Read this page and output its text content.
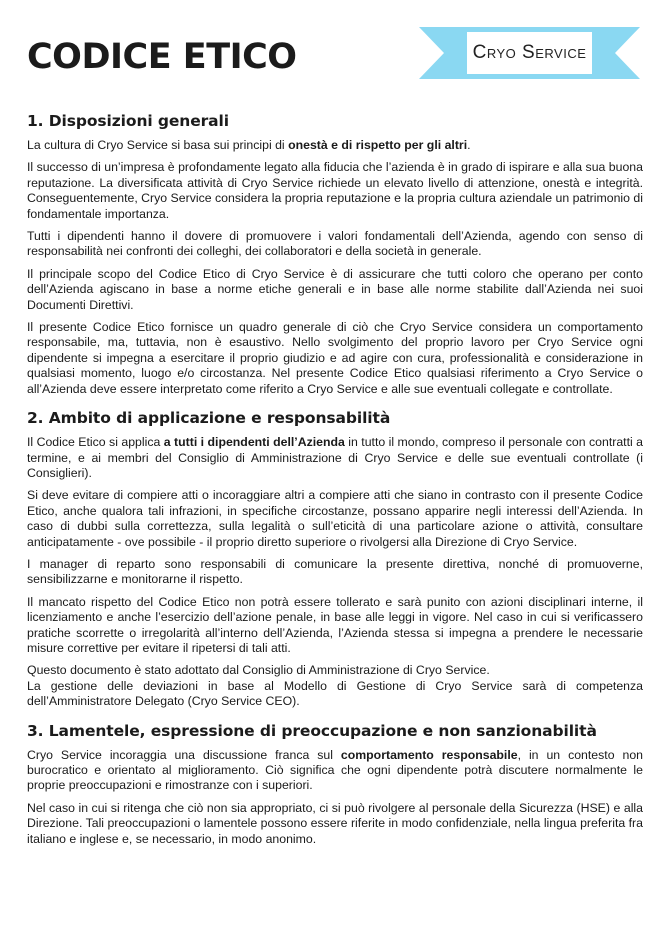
CODICE ETICO	Cryo Service
1. Disposizioni generali

La cultura di Cryo Service si basa sui principi di onestà e di rispetto per gli altri.

Il successo di un’impresa è profondamente legato alla fiducia che l’azienda è in grado di ispirare e alla sua buona reputazione. La diversificata attività di Cryo Service richiede un elevato livello di attenzione, onestà e integrità. Conseguentemente, Cryo Service considera la propria reputazione e la propria cultura aziendale un patrimonio di fondamentale importanza.

Tutti i dipendenti hanno il dovere di promuovere i valori fondamentali dell’Azienda, agendo con senso di responsabilità nei confronti dei colleghi, dei collaboratori e della società in generale.

Il principale scopo del Codice Etico di Cryo Service è di assicurare che tutti coloro che operano per conto dell’Azienda agiscano in base a norme etiche generali e in base alle norme stabilite dall’Azienda nei suoi Documenti Direttivi.

Il presente Codice Etico fornisce un quadro generale di ciò che Cryo Service considera un comportamento responsabile, ma, tuttavia, non è esaustivo. Nello svolgimento del proprio lavoro per Cryo Service ogni dipendente si impegna a esercitare il proprio giudizio e ad agire con cura, professionalità e considerazione in qualsiasi momento, luogo e/o circostanza. Nel presente Codice Etico qualsiasi riferimento a Cryo Service o all’Azienda deve essere interpretato come riferito a Cryo Service e alle sue eventuali collegate e controllate.

2. Ambito di applicazione e responsabilità

Il Codice Etico si applica a tutti i dipendenti dell’Azienda in tutto il mondo, compreso il personale con contratti a termine, e ai membri del Consiglio di Amministrazione di Cryo Service e delle sue eventuali controllate (i Consiglieri).

Si deve evitare di compiere atti o incoraggiare altri a compiere atti che siano in contrasto con il presente Codice Etico, anche qualora tali infrazioni, in specifiche circostanze, possano apparire negli interessi dell’Azienda. In caso di dubbi sulla correttezza, sulla legalità o sull’eticità di una particolare azione o attività, consultare anticipatamente - ove possibile - il proprio diretto superiore o rivolgersi alla Direzione di Cryo Service.

I manager di reparto sono responsabili di comunicare la presente direttiva, nonché di promuoverne, sensibilizzarne e monitorarne il rispetto.

Il mancato rispetto del Codice Etico non potrà essere tollerato e sarà punito con azioni disciplinari interne, il licenziamento e anche l’esercizio dell’azione penale, in base alle leggi in vigore. Nel caso in cui si verificassero pratiche scorrette o irregolarità all’interno dell’Azienda, l’Azienda stessa si impegna a prendere le necessarie misure correttive per evitare il ripetersi di tali atti.

Questo documento è stato adottato dal Consiglio di Amministrazione di Cryo Service.
La gestione delle deviazioni in base al Modello di Gestione di Cryo Service sarà di competenza dell’Amministratore Delegato (Cryo Service CEO).

3. Lamentele, espressione di preoccupazione e non sanzionabilità

Cryo Service incoraggia una discussione franca sul comportamento responsabile, in un contesto non burocratico e orientato al miglioramento. Ciò significa che ogni dipendente potrà discutere normalmente le proprie preoccupazioni e rimostranze con i superiori.

Nel caso in cui si ritenga che ciò non sia appropriato, ci si può rivolgere al personale della Sicurezza (HSE) e alla Direzione. Tali preoccupazioni o lamentele possono essere riferite in modo confidenziale, nella lingua preferita fra italiano e inglese e, se necessario, in modo anonimo.
